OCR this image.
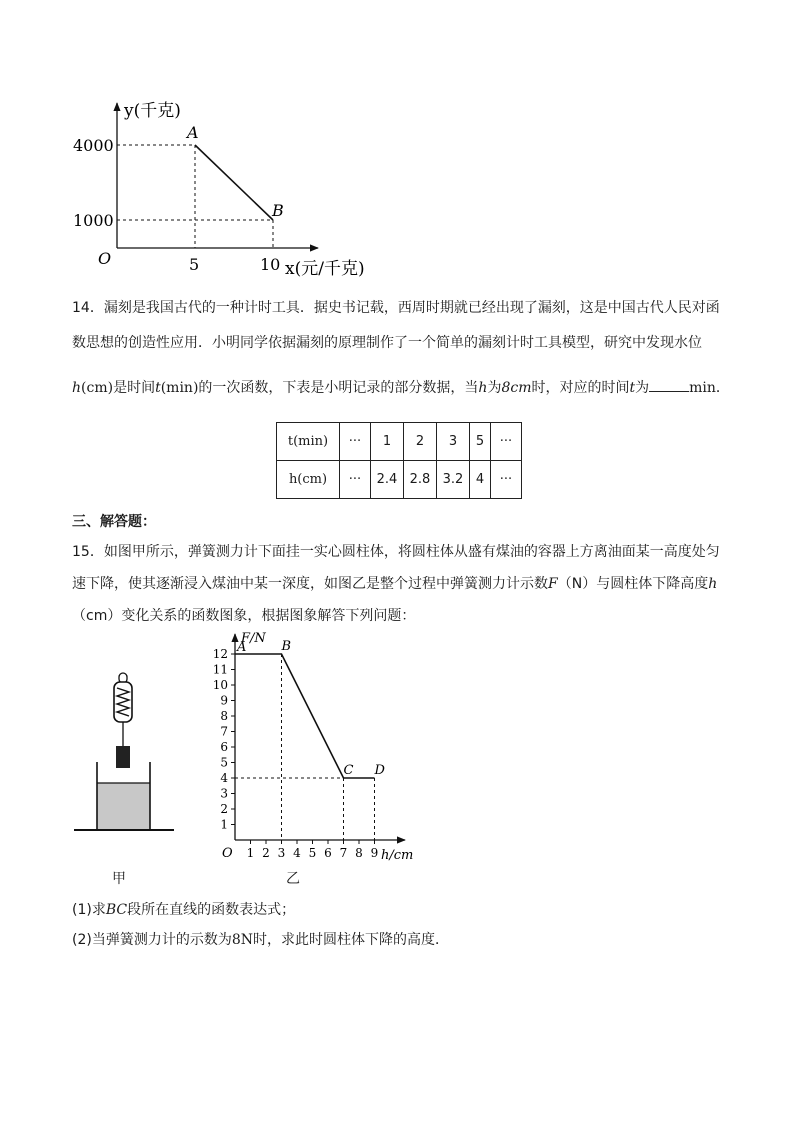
y(千克)
x(元/千克)
O
A
B
4000
1000
5	10
14．漏刻是我国古代的一种计时工具．据史书记载，西周时期就已经出现了漏刻，这是中国古代人民对函
数思想的创造性应用．小明同学依据漏刻的原理制作了一个简单的漏刻计时工具模型，研究中发现水位
h(cm)是时间t(min)的一次函数，下表是小明记录的部分数据，当h为8cm时，对应的时间t为	min．
t(min)	···	1	2	3	5	···
h(cm)	···	2.4	2.8	3.2	4	···
三、解答题：
15．如图甲所示，弹簧测力计下面挂一实心圆柱体，将圆柱体从盛有煤油的容器上方离油面某一高度处匀
速下降，使其逐渐浸入煤油中某一深度，如图乙是整个过程中弹簧测力计示数F（N）与圆柱体下降高度h
（cm）变化关系的函数图象，根据图象解答下列问题：
甲
F/N
h/cm
O
1
2
3
4
5
6
7
8
9
10
11
12
1 2 3 4 5 6 7 8 9
A	B
C D
乙
(1)求BC段所在直线的函数表达式；
(2)当弹簧测力计的示数为8N时，求此时圆柱体下降的高度．
